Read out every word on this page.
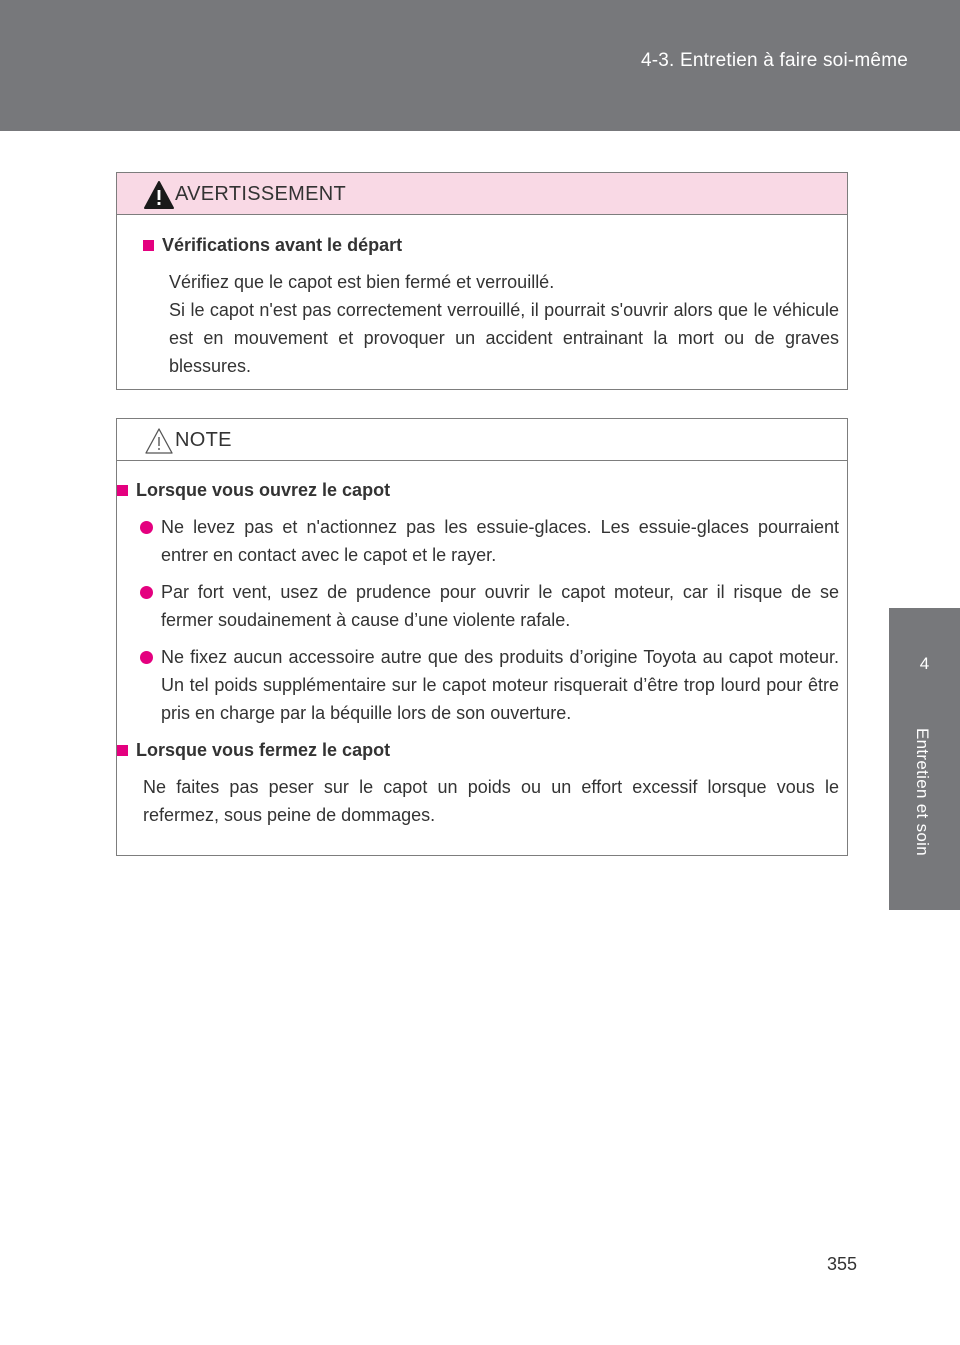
4-3. Entretien à faire soi-même
4
Entretien et soin
AVERTISSEMENT
Vérifications avant le départ

Vérifiez que le capot est bien fermé et verrouillé.

Si le capot n'est pas correctement verrouillé, il pourrait s'ouvrir alors que le véhicule est en mouvement et provoquer un accident entrainant la mort ou de graves blessures.

NOTE
Lorsque vous ouvrez le capot
Ne levez pas et n'actionnez pas les essuie-glaces. Les essuie-glaces pourraient entrer en contact avec le capot et le rayer.
Par fort vent, usez de prudence pour ouvrir le capot moteur, car il risque de se fermer soudainement à cause d’une violente rafale.
Ne fixez aucun accessoire autre que des produits d’origine Toyota au capot moteur. Un tel poids supplémentaire sur le capot moteur risquerait d’être trop lourd pour être pris en charge par la béquille lors de son ouverture.
Lorsque vous fermez le capot

Ne faites pas peser sur le capot un poids ou un effort excessif lorsque vous le refermez, sous peine de dommages.

355
